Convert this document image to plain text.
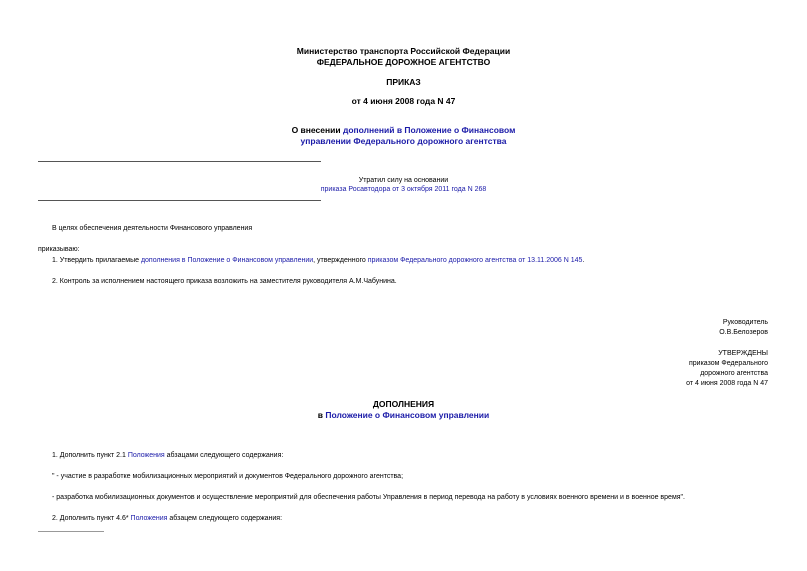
Министерство транспорта Российской Федерации
ФЕДЕРАЛЬНОЕ ДОРОЖНОЕ АГЕНТСТВО
ПРИКАЗ
от 4 июня 2008 года N 47
О внесении дополнений в Положение о Финансовом
управлении Федерального дорожного агентства
Утратил силу на основании
приказа Росавтодора от 3 октября 2011 года N 268
В целях обеспечения деятельности Финансового управления
приказываю:
1. Утвердить прилагаемые дополнения в Положение о Финансовом управлении, утвержденного приказом Федерального дорожного агентства от 13.11.2006 N 145.
2. Контроль за исполнением настоящего приказа возложить на заместителя руководителя А.М.Чабунина.
Руководитель
О.В.Белозеров
УТВЕРЖДЕНЫ
приказом Федерального
дорожного агентства
от 4 июня 2008 года N 47
ДОПОЛНЕНИЯ
в Положение о Финансовом управлении
1. Дополнить пункт 2.1 Положения абзацами следующего содержания:
" - участие в разработке мобилизационных мероприятий и документов Федерального дорожного агентства;
- разработка мобилизационных документов и осуществление мероприятий для обеспечения работы Управления в период перевода на работу в условиях военного времени и в военное время".
2. Дополнить пункт 4.6* Положения абзацем следующего содержания:
